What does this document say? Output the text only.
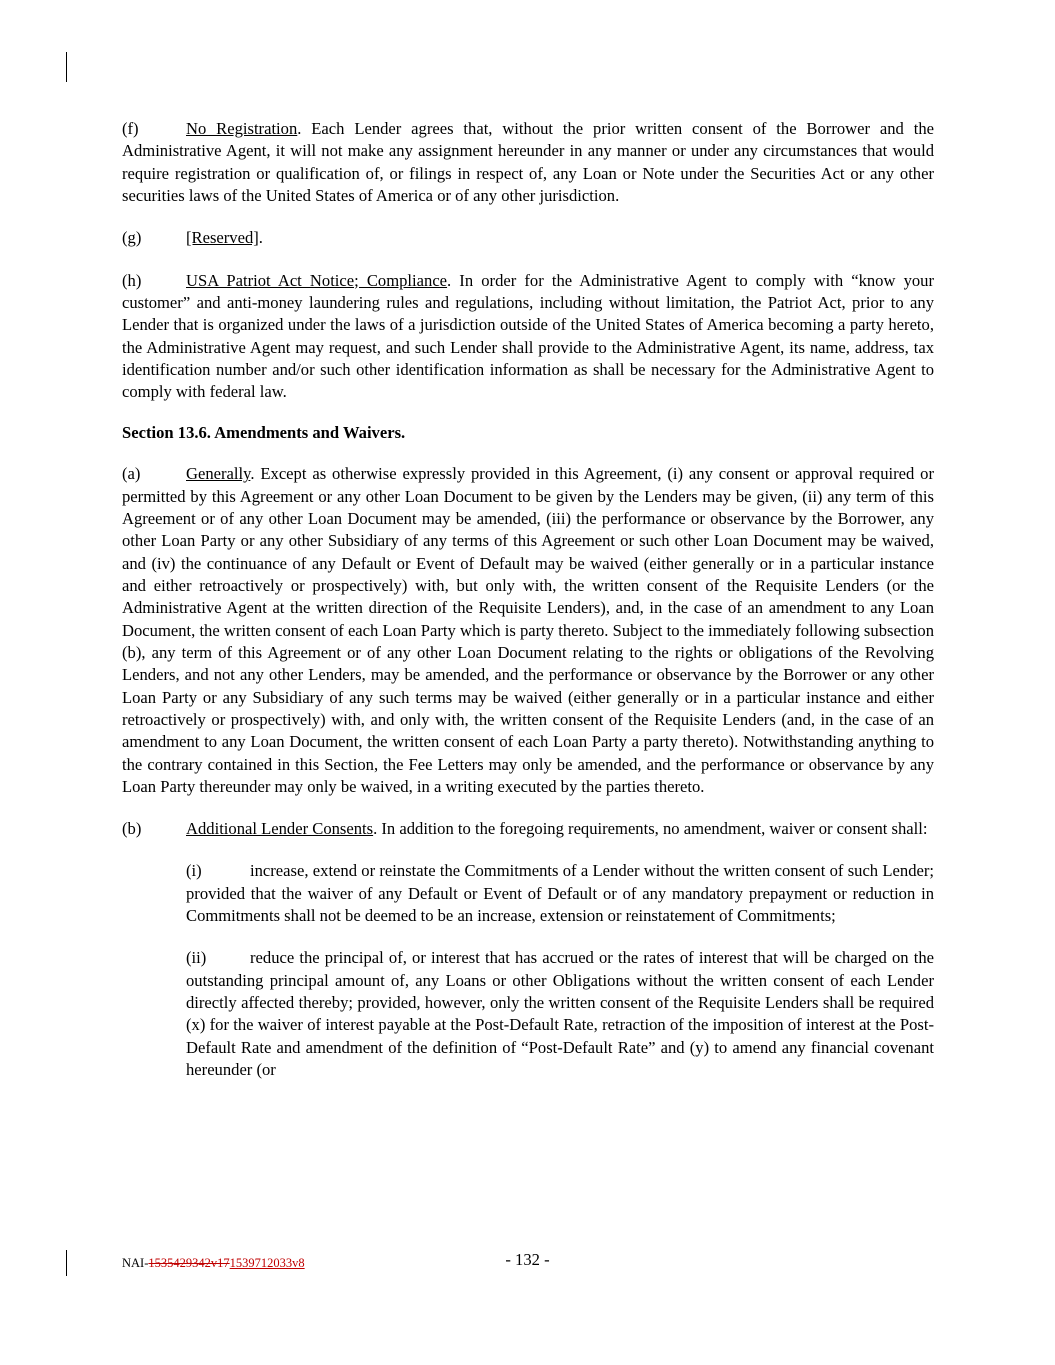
(f)	No Registration. Each Lender agrees that, without the prior written consent of the Borrower and the Administrative Agent, it will not make any assignment hereunder in any manner or under any circumstances that would require registration or qualification of, or filings in respect of, any Loan or Note under the Securities Act or any other securities laws of the United States of America or of any other jurisdiction.

(g)	[Reserved].

(h)	USA Patriot Act Notice; Compliance. In order for the Administrative Agent to comply with “know your customer” and anti-money laundering rules and regulations, including without limitation, the Patriot Act, prior to any Lender that is organized under the laws of a jurisdiction outside of the United States of America becoming a party hereto, the Administrative Agent may request, and such Lender shall provide to the Administrative Agent, its name, address, tax identification number and/or such other identification information as shall be necessary for the Administrative Agent to comply with federal law.

Section 13.6. Amendments and Waivers.

(a)	Generally. Except as otherwise expressly provided in this Agreement, (i) any consent or approval required or permitted by this Agreement or any other Loan Document to be given by the Lenders may be given, (ii) any term of this Agreement or of any other Loan Document may be amended, (iii) the performance or observance by the Borrower, any other Loan Party or any other Subsidiary of any terms of this Agreement or such other Loan Document may be waived, and (iv) the continuance of any Default or Event of Default may be waived (either generally or in a particular instance and either retroactively or prospectively) with, but only with, the written consent of the Requisite Lenders (or the Administrative Agent at the written direction of the Requisite Lenders), and, in the case of an amendment to any Loan Document, the written consent of each Loan Party which is party thereto. Subject to the immediately following subsection (b), any term of this Agreement or of any other Loan Document relating to the rights or obligations of the Revolving Lenders, and not any other Lenders, may be amended, and the performance or observance by the Borrower or any other Loan Party or any Subsidiary of any such terms may be waived (either generally or in a particular instance and either retroactively or prospectively) with, and only with, the written consent of the Requisite Lenders (and, in the case of an amendment to any Loan Document, the written consent of each Loan Party a party thereto). Notwithstanding anything to the contrary contained in this Section, the Fee Letters may only be amended, and the performance or observance by any Loan Party thereunder may only be waived, in a writing executed by the parties thereto.

(b)	Additional Lender Consents. In addition to the foregoing requirements, no amendment, waiver or consent shall:

(i)	increase, extend or reinstate the Commitments of a Lender without the written consent of such Lender; provided that the waiver of any Default or Event of Default or of any mandatory prepayment or reduction in Commitments shall not be deemed to be an increase, extension or reinstatement of Commitments;

(ii)	reduce the principal of, or interest that has accrued or the rates of interest that will be charged on the outstanding principal amount of, any Loans or other Obligations without the written consent of each Lender directly affected thereby; provided, however, only the written consent of the Requisite Lenders shall be required (x) for the waiver of interest payable at the Post-Default Rate, retraction of the imposition of interest at the Post-Default Rate and amendment of the definition of “Post-Default Rate” and (y) to amend any financial covenant hereunder (or

NAI-1535429342v171539712033v8	- 132 -
